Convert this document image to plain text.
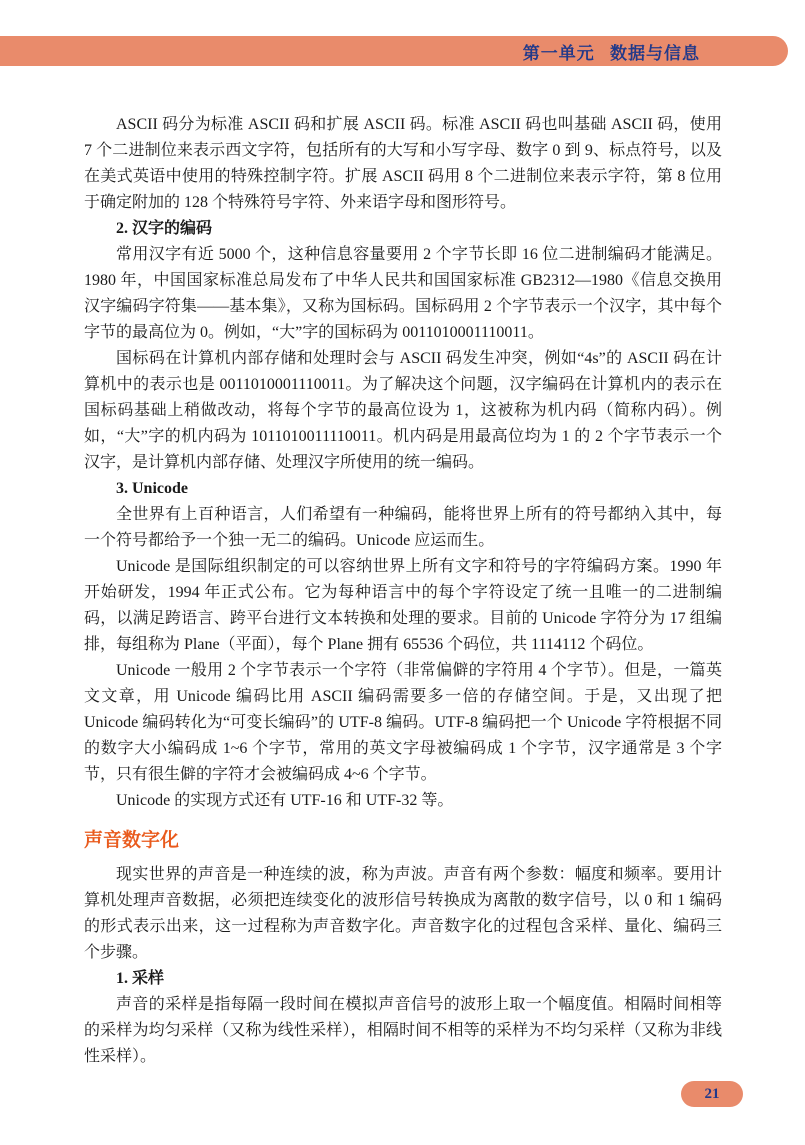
第一单元 数据与信息

ASCII 码分为标准 ASCII 码和扩展 ASCII 码。标准 ASCII 码也叫基础 ASCII 码，使用 7 个二进制位来表示西文字符，包括所有的大写和小写字母、数字 0 到 9、标点符号，以及在美式英语中使用的特殊控制字符。扩展 ASCII 码用 8 个二进制位来表示字符，第 8 位用于确定附加的 128 个特殊符号字符、外来语字母和图形符号。

2. 汉字的编码

常用汉字有近 5000 个，这种信息容量要用 2 个字节长即 16 位二进制编码才能满足。1980 年，中国国家标准总局发布了中华人民共和国国家标准 GB2312—1980《信息交换用汉字编码字符集——基本集》，又称为国标码。国标码用 2 个字节表示一个汉字，其中每个字节的最高位为 0。例如，“大”字的国标码为 0011010001110011。

国标码在计算机内部存储和处理时会与 ASCII 码发生冲突，例如“4s”的 ASCII 码在计算机中的表示也是 0011010001110011。为了解决这个问题，汉字编码在计算机内的表示在国标码基础上稍做改动，将每个字节的最高位设为 1，这被称为机内码（简称内码）。例如，“大”字的机内码为 1011010011110011。机内码是用最高位均为 1 的 2 个字节表示一个汉字，是计算机内部存储、处理汉字所使用的统一编码。

3. Unicode

全世界有上百种语言，人们希望有一种编码，能将世界上所有的符号都纳入其中，每一个符号都给予一个独一无二的编码。Unicode 应运而生。

Unicode 是国际组织制定的可以容纳世界上所有文字和符号的字符编码方案。1990 年开始研发，1994 年正式公布。它为每种语言中的每个字符设定了统一且唯一的二进制编码，以满足跨语言、跨平台进行文本转换和处理的要求。目前的 Unicode 字符分为 17 组编排，每组称为 Plane（平面），每个 Plane 拥有 65536 个码位，共 1114112 个码位。

Unicode 一般用 2 个字节表示一个字符（非常偏僻的字符用 4 个字节）。但是，一篇英文文章，用 Unicode 编码比用 ASCII 编码需要多一倍的存储空间。于是，又出现了把 Unicode 编码转化为“可变长编码”的 UTF-8 编码。UTF-8 编码把一个 Unicode 字符根据不同的数字大小编码成 1~6 个字节，常用的英文字母被编码成 1 个字节，汉字通常是 3 个字节，只有很生僻的字符才会被编码成 4~6 个字节。

Unicode 的实现方式还有 UTF-16 和 UTF-32 等。

声音数字化

现实世界的声音是一种连续的波，称为声波。声音有两个参数：幅度和频率。要用计算机处理声音数据，必须把连续变化的波形信号转换成为离散的数字信号，以 0 和 1 编码的形式表示出来，这一过程称为声音数字化。声音数字化的过程包含采样、量化、编码三个步骤。

1. 采样

声音的采样是指每隔一段时间在模拟声音信号的波形上取一个幅度值。相隔时间相等的采样为均匀采样（又称为线性采样），相隔时间不相等的采样为不均匀采样（又称为非线性采样）。

21
